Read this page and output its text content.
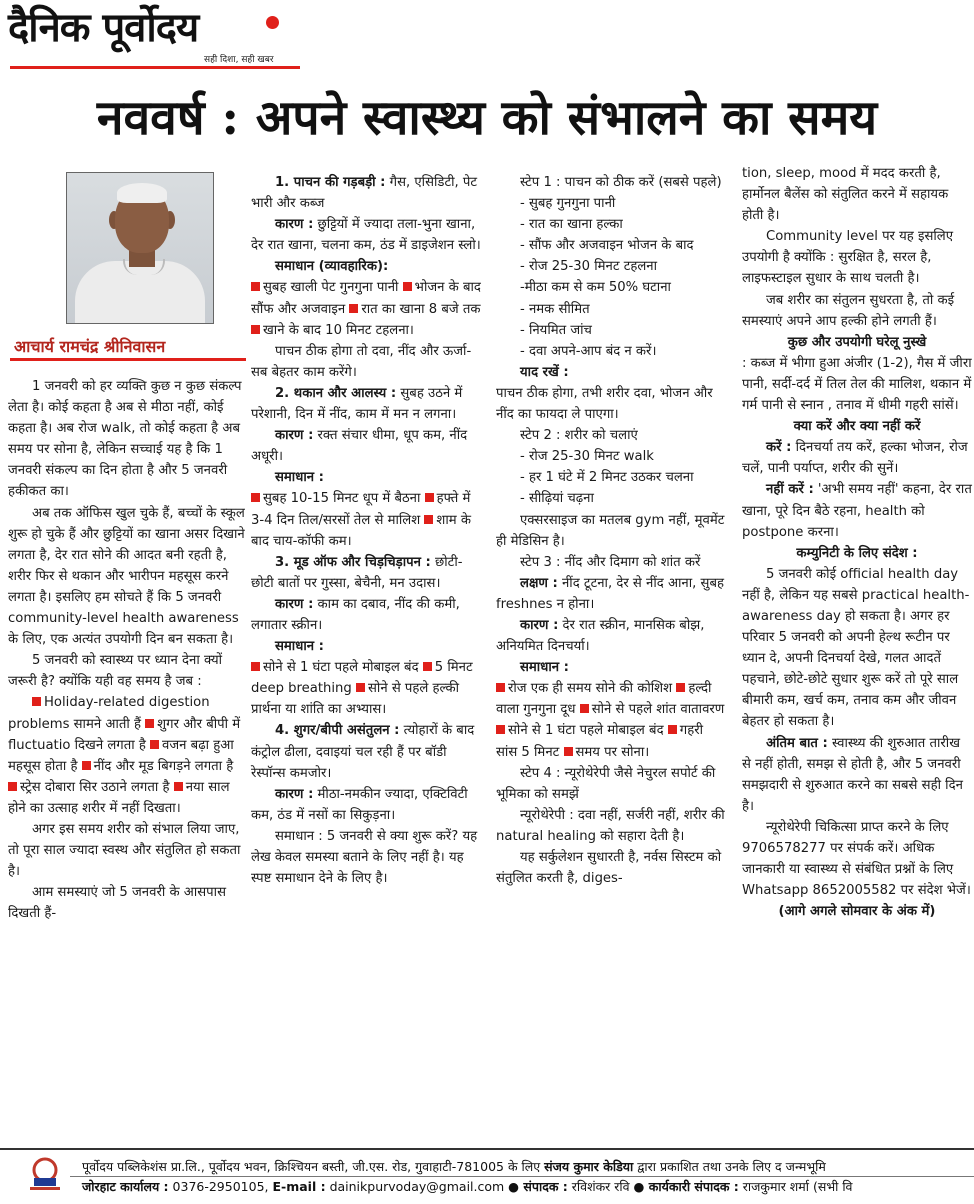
दैनिक पूर्वोदय
सही दिशा, सही खबर
नववर्ष : अपने स्वास्थ्य को संभालने का समय
आचार्य रामचंद्र श्रीनिवासन

1 जनवरी को हर व्यक्ति कुछ न कुछ संकल्प लेता है। कोई कहता है अब से मीठा नहीं, कोई कहता है। अब रोज walk, तो कोई कहता है अब समय पर सोना है, लेकिन सच्चाई यह है कि 1 जनवरी संकल्प का दिन होता है और 5 जनवरी हकीकत का।

अब तक ऑफिस खुल चुके हैं, बच्चों के स्कूल शुरू हो चुके हैं और छुट्टियों का खाना असर दिखाने लगता है, देर रात सोने की आदत बनी रहती है, शरीर फिर से थकान और भारीपन महसूस करने लगता है। इसलिए हम सोचते हैं कि 5 जनवरी community-level health awareness के लिए, एक अत्यंत उपयोगी दिन बन सकता है।

5 जनवरी को स्वास्थ्य पर ध्यान देना क्यों जरूरी है? क्योंकि यही वह समय है जब :

Holiday-related digestion problems सामने आती हैं शुगर और बीपी में fluctuatio दिखने लगता है वजन बढ़ा हुआ महसूस होता है नींद और मूड बिगड़ने लगता है स्ट्रेस दोबारा सिर उठाने लगता है नया साल होने का उत्साह शरीर में नहीं दिखता।

अगर इस समय शरीर को संभाल लिया जाए, तो पूरा साल ज्यादा स्वस्थ और संतुलित हो सकता है।

आम समस्याएं जो 5 जनवरी के आसपास दिखती हैं-

1. पाचन की गड़बड़ी : गैस, एसिडिटी, पेट भारी और कब्ज

कारण : छुट्टियों में ज्यादा तला-भुना खाना, देर रात खाना, चलना कम, ठंड में डाइजेशन स्लो।

समाधान (व्यावहारिक):

सुबह खाली पेट गुनगुना पानी भोजन के बाद सौंफ और अजवाइन रात का खाना 8 बजे तक खाने के बाद 10 मिनट टहलना।

पाचन ठीक होगा तो दवा, नींद और ऊर्जा-सब बेहतर काम करेंगे।

2. थकान और आलस्य : सुबह उठने में परेशानी, दिन में नींद, काम में मन न लगना।

कारण : रक्त संचार धीमा, धूप कम, नींद अधूरी।

समाधान :

सुबह 10-15 मिनट धूप में बैठना हफ्ते में 3-4 दिन तिल/सरसों तेल से मालिश शाम के बाद चाय-कॉफी कम।

3. मूड ऑफ और चिड़चिड़ापन : छोटी-छोटी बातों पर गुस्सा, बेचैनी, मन उदास।

कारण : काम का दबाव, नींद की कमी, लगातार स्क्रीन।

समाधान :

सोने से 1 घंटा पहले मोबाइल बंद 5 मिनट deep breathing सोने से पहले हल्की प्रार्थना या शांति का अभ्यास।

4. शुगर/बीपी असंतुलन : त्योहारों के बाद कंट्रोल ढीला, दवाइयां चल रही हैं पर बॉडी रेस्पॉन्स कमजोर।

कारण : मीठा-नमकीन ज्यादा, एक्टिविटी कम, ठंड में नसों का सिकुड़ना।

समाधान : 5 जनवरी से क्या शुरू करें? यह लेख केवल समस्या बताने के लिए नहीं है। यह स्पष्ट समाधान देने के लिए है।

स्टेप 1 : पाचन को ठीक करें (सबसे पहले)

- सुबह गुनगुना पानी

- रात का खाना हल्का

- सौंफ और अजवाइन भोजन के बाद

- रोज 25-30 मिनट टहलना

-मीठा कम से कम 50% घटाना

- नमक सीमित

- नियमित जांच

- दवा अपने-आप बंद न करें।

याद रखें :

पाचन ठीक होगा, तभी शरीर दवा, भोजन और नींद का फायदा ले पाएगा।

स्टेप 2 : शरीर को चलाएं

- रोज 25-30 मिनट walk

- हर 1 घंटे में 2 मिनट उठकर चलना

- सीढ़ियां चढ़ना

एक्सरसाइज का मतलब gym नहीं, मूवमेंट ही मेडिसिन है।

स्टेप 3 : नींद और दिमाग को शांत करें

लक्षण : नींद टूटना, देर से नींद आना, सुबह freshnes न होना।

कारण : देर रात स्क्रीन, मानसिक बोझ, अनियमित दिनचर्या।

समाधान :

रोज एक ही समय सोने की कोशिश हल्दी वाला गुनगुना दूध सोने से पहले शांत वातावरण सोने से 1 घंटा पहले मोबाइल बंद गहरी सांस 5 मिनट समय पर सोना।

स्टेप 4 : न्यूरोथेरेपी जैसे नेचुरल सपोर्ट की भूमिका को समझें

न्यूरोथेरेपी : दवा नहीं, सर्जरी नहीं, शरीर की natural healing को सहारा देती है।

यह सर्कुलेशन सुधारती है, नर्वस सिस्टम को संतुलित करती है, diges-

tion, sleep, mood में मदद करती है, हार्मोनल बैलेंस को संतुलित करने में सहायक होती है।

Community level पर यह इसलिए उपयोगी है क्योंकि : सुरक्षित है, सरल है, लाइफस्टाइल सुधार के साथ चलती है।

जब शरीर का संतुलन सुधरता है, तो कई समस्याएं अपने आप हल्की होने लगती हैं।

कुछ और उपयोगी घरेलू नुस्खे

: कब्ज में भीगा हुआ अंजीर (1-2), गैस में जीरा पानी, सर्दी-दर्द में तिल तेल की मालिश, थकान में गर्म पानी से स्नान , तनाव में धीमी गहरी सांसें।

क्या करें और क्या नहीं करें

करें : दिनचर्या तय करें, हल्का भोजन, रोज चलें, पानी पर्याप्त, शरीर की सुनें।

नहीं करें : 'अभी समय नहीं' कहना, देर रात खाना, पूरे दिन बैठे रहना, health को postpone करना।

कम्युनिटी के लिए संदेश :

5 जनवरी कोई official health day नहीं है, लेकिन यह सबसे practical health-awareness day हो सकता है। अगर हर परिवार 5 जनवरी को अपनी हेल्थ रूटीन पर ध्यान दे, अपनी दिनचर्या देखे, गलत आदतें पहचाने, छोटे-छोटे सुधार शुरू करें तो पूरे साल बीमारी कम, खर्च कम, तनाव कम और जीवन बेहतर हो सकता है।

अंतिम बात : स्वास्थ्य की शुरुआत तारीख से नहीं होती, समझ से होती है, और 5 जनवरी समझदारी से शुरुआत करने का सबसे सही दिन है।

न्यूरोथेरेपी चिकित्सा प्राप्त करने के लिए 9706578277 पर संपर्क करें। अधिक जानकारी या स्वास्थ्य से संबंधित प्रश्नों के लिए Whatsapp 8652005582 पर संदेश भेजें।

(आगे अगले सोमवार के अंक में)

पूर्वोदय पब्लिकेशंस प्रा.लि., पूर्वोदय भवन, क्रिश्चियन बस्ती, जी.एस. रोड, गुवाहाटी-781005 के लिए संजय कुमार केडिया द्वारा प्रकाशित तथा उनके लिए द जन्मभूमि
जोरहाट कार्यालय : 0376-2950105, E-mail : dainikpurvoday@gmail.com ● संपादक : रविशंकर रवि ● कार्यकारी संपादक : राजकुमार शर्मा (सभी वि
